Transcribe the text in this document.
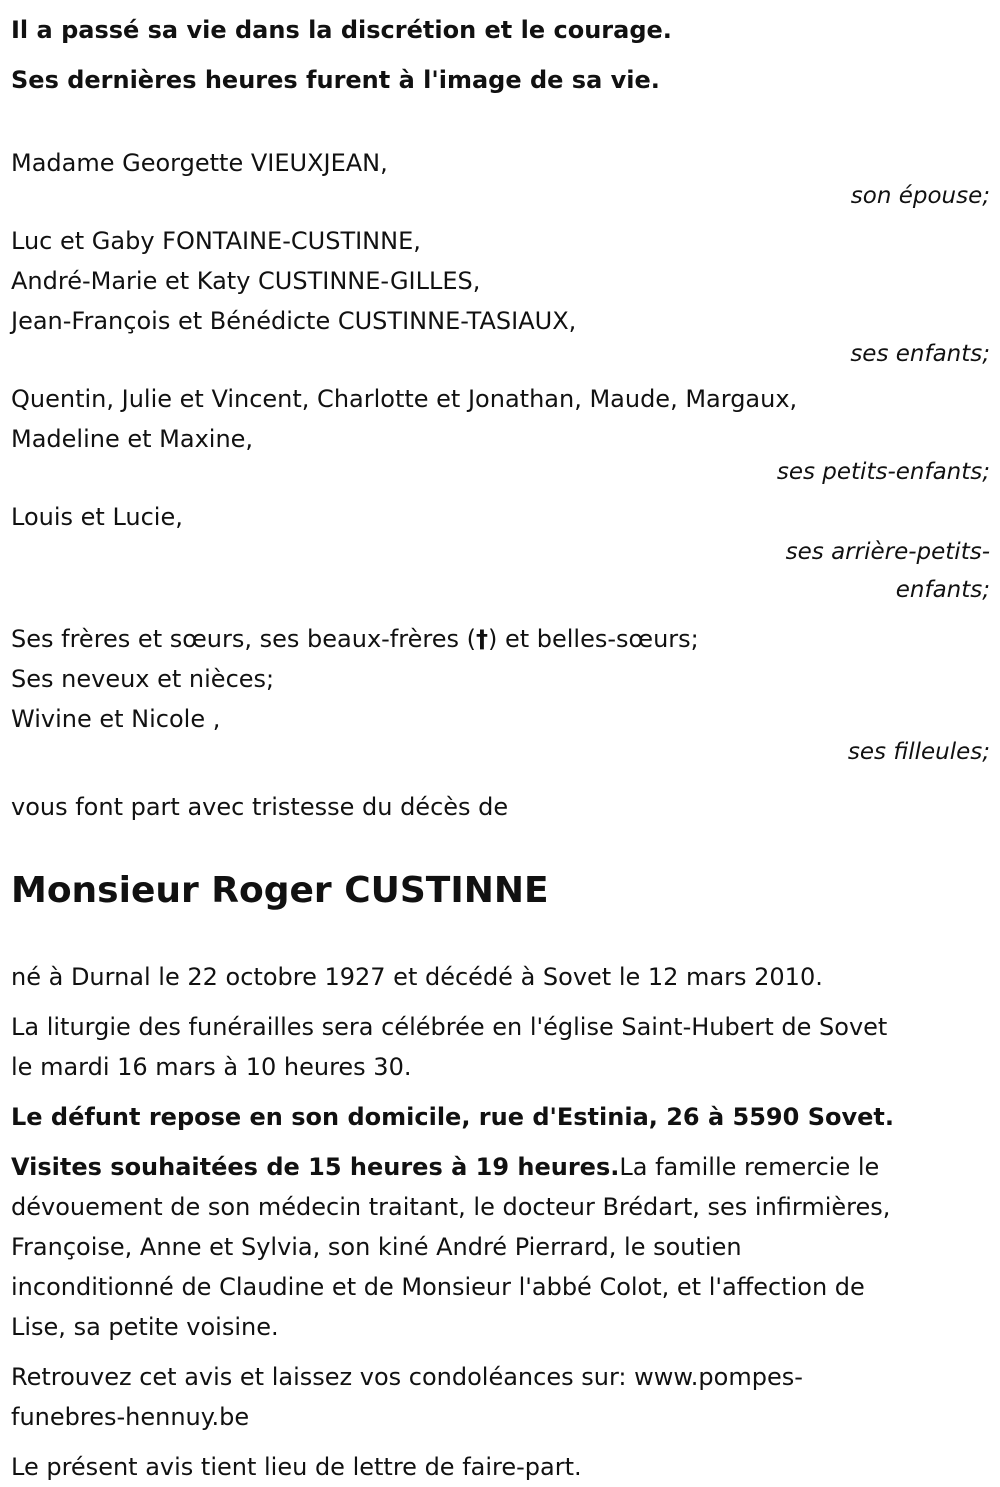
Il a passé sa vie dans la discrétion et le courage.
Ses dernières heures furent à l'image de sa vie.
Madame Georgette VIEUXJEAN,
son épouse;
Luc et Gaby FONTAINE-CUSTINNE,
André-Marie et Katy CUSTINNE-GILLES,
Jean-François et Bénédicte CUSTINNE-TASIAUX,
ses enfants;
Quentin, Julie et Vincent, Charlotte et Jonathan, Maude, Margaux,
Madeline et Maxine,
ses petits-enfants;
Louis et Lucie,
ses arrière-petits-
enfants;
Ses frères et sœurs, ses beaux-frères (†) et belles-sœurs;
Ses neveux et nièces;
Wivine et Nicole ,
ses filleules;
vous font part avec tristesse du décès de
Monsieur Roger CUSTINNE
né à Durnal le 22 octobre 1927 et décédé à Sovet le 12 mars 2010.
La liturgie des funérailles sera célébrée en l'église Saint-Hubert de Sovet
le mardi 16 mars à 10 heures 30.
Le défunt repose en son domicile, rue d'Estinia, 26 à 5590 Sovet.
Visites souhaitées de 15 heures à 19 heures.La famille remercie le
dévouement de son médecin traitant, le docteur Brédart, ses infirmières,
Françoise, Anne et Sylvia, son kiné André Pierrard, le soutien
inconditionné de Claudine et de Monsieur l'abbé Colot, et l'affection de
Lise, sa petite voisine.
Retrouvez cet avis et laissez vos condoléances sur: www.pompes-
funebres-hennuy.be
Le présent avis tient lieu de lettre de faire-part.
